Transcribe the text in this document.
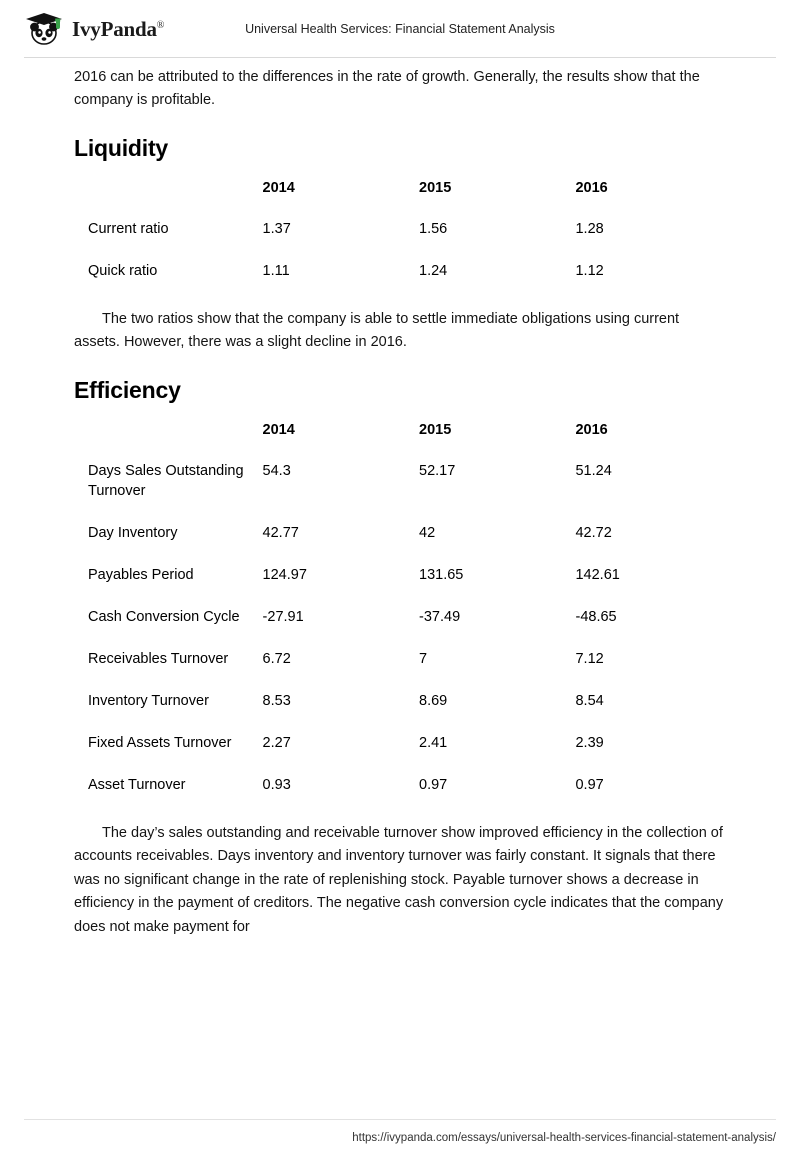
IvyPanda®	Universal Health Services: Financial Statement Analysis

2016 can be attributed to the differences in the rate of growth. Generally, the results show that the company is profitable.

Liquidity
	2014	2015	2016
Current ratio	1.37	1.56	1.28
Quick ratio	1.11	1.24	1.12

The two ratios show that the company is able to settle immediate obligations using current assets. However, there was a slight decline in 2016.

Efficiency
	2014	2015	2016
Days Sales Outstanding Turnover	54.3	52.17	51.24
Day Inventory	42.77	42	42.72
Payables Period	124.97	131.65	142.61
Cash Conversion Cycle	-27.91	-37.49	-48.65
Receivables Turnover	6.72	7	7.12
Inventory Turnover	8.53	8.69	8.54
Fixed Assets Turnover	2.27	2.41	2.39
Asset Turnover	0.93	0.97	0.97

The day’s sales outstanding and receivable turnover show improved efficiency in the collection of accounts receivables. Days inventory and inventory turnover was fairly constant. It signals that there was no significant change in the rate of replenishing stock. Payable turnover shows a decrease in efficiency in the payment of creditors. The negative cash conversion cycle indicates that the company does not make payment for

https://ivypanda.com/essays/universal-health-services-financial-statement-analysis/
